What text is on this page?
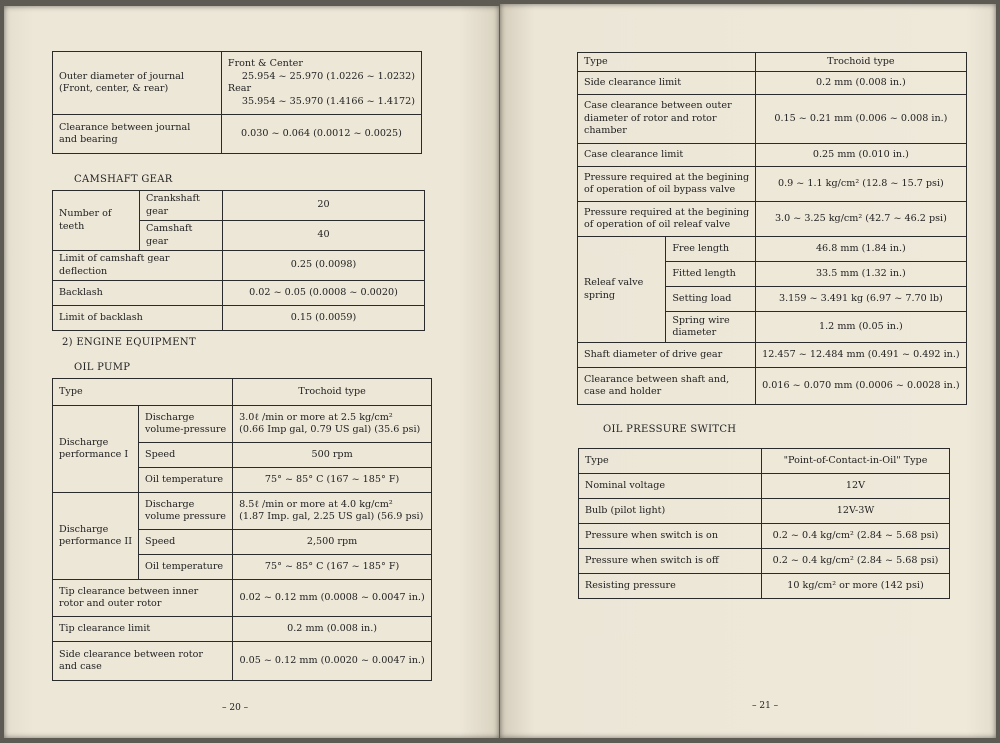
Outer diameter of journal
(Front, center, & rear)	Front & Center
25.954 ~ 25.970 (1.0226 ~ 1.0232)
Rear
35.954 ~ 35.970 (1.4166 ~ 1.4172)

Clearance between journal
and bearing	0.030 ~ 0.064 (0.0012 ~ 0.0025)
CAMSHAFT GEAR
Number of teeth	Crankshaft gear	20
	Camshaft gear	40
Limit of camshaft gear deflection		0.25 (0.0098)
Backlash		0.02 ~ 0.05 (0.0008 ~ 0.0020)
Limit of backlash		0.15 (0.0059)
2) ENGINE EQUIPMENT
OIL PUMP
Type		Trochoid type

Discharge
performance I	Discharge
volume-pressure	3.0ℓ /min or more at 2.5 kg/cm²
(0.66 Imp gal, 0.79 US gal) (35.6 psi)

	Speed	500 rpm
	Oil temperature	75° ~ 85° C (167 ~ 185° F)

Discharge
performance II	Discharge
volume pressure	8.5ℓ /min or more at 4.0 kg/cm²
(1.87 Imp. gal, 2.25 US gal) (56.9 psi)

	Speed	2,500 rpm
	Oil temperature	75° ~ 85° C (167 ~ 185° F)

Tip clearance between inner
rotor and outer rotor		0.02 ~ 0.12 mm (0.0008 ~ 0.0047 in.)
Tip clearance limit		0.2 mm (0.008 in.)

Side clearance between rotor
and case		0.05 ~ 0.12 mm (0.0020 ~ 0.0047 in.)
– 20 –
Type		Trochoid type
Side clearance limit		0.2 mm (0.008 in.)

Case clearance between outer
diameter of rotor and rotor
chamber		0.15 ~ 0.21 mm (0.006 ~ 0.008 in.)
Case clearance limit		0.25 mm (0.010 in.)

Pressure required at the begining
of operation of oil bypass valve		0.9 ~ 1.1 kg/cm² (12.8 ~ 15.7 psi)

Pressure required at the begining
of operation of oil releaf valve		3.0 ~ 3.25 kg/cm² (42.7 ~ 46.2 psi)

Releaf valve
spring	Free length	46.8 mm (1.84 in.)
	Fitted length	33.5 mm (1.32 in.)
	Setting load	3.159 ~ 3.491 kg (6.97 ~ 7.70 lb)

	Spring wire
diameter	1.2 mm (0.05 in.)
Shaft diameter of drive gear		12.457 ~ 12.484 mm (0.491 ~ 0.492 in.)

Clearance between shaft and,
case and holder		0.016 ~ 0.070 mm (0.0006 ~ 0.0028 in.)
OIL PRESSURE SWITCH
Type	"Point-of-Contact-in-Oil" Type
Nominal voltage	12V
Bulb (pilot light)	12V-3W
Pressure when switch is on	0.2 ~ 0.4 kg/cm² (2.84 ~ 5.68 psi)
Pressure when switch is off	0.2 ~ 0.4 kg/cm² (2.84 ~ 5.68 psi)
Resisting pressure	10 kg/cm² or more (142 psi)
– 21 –
